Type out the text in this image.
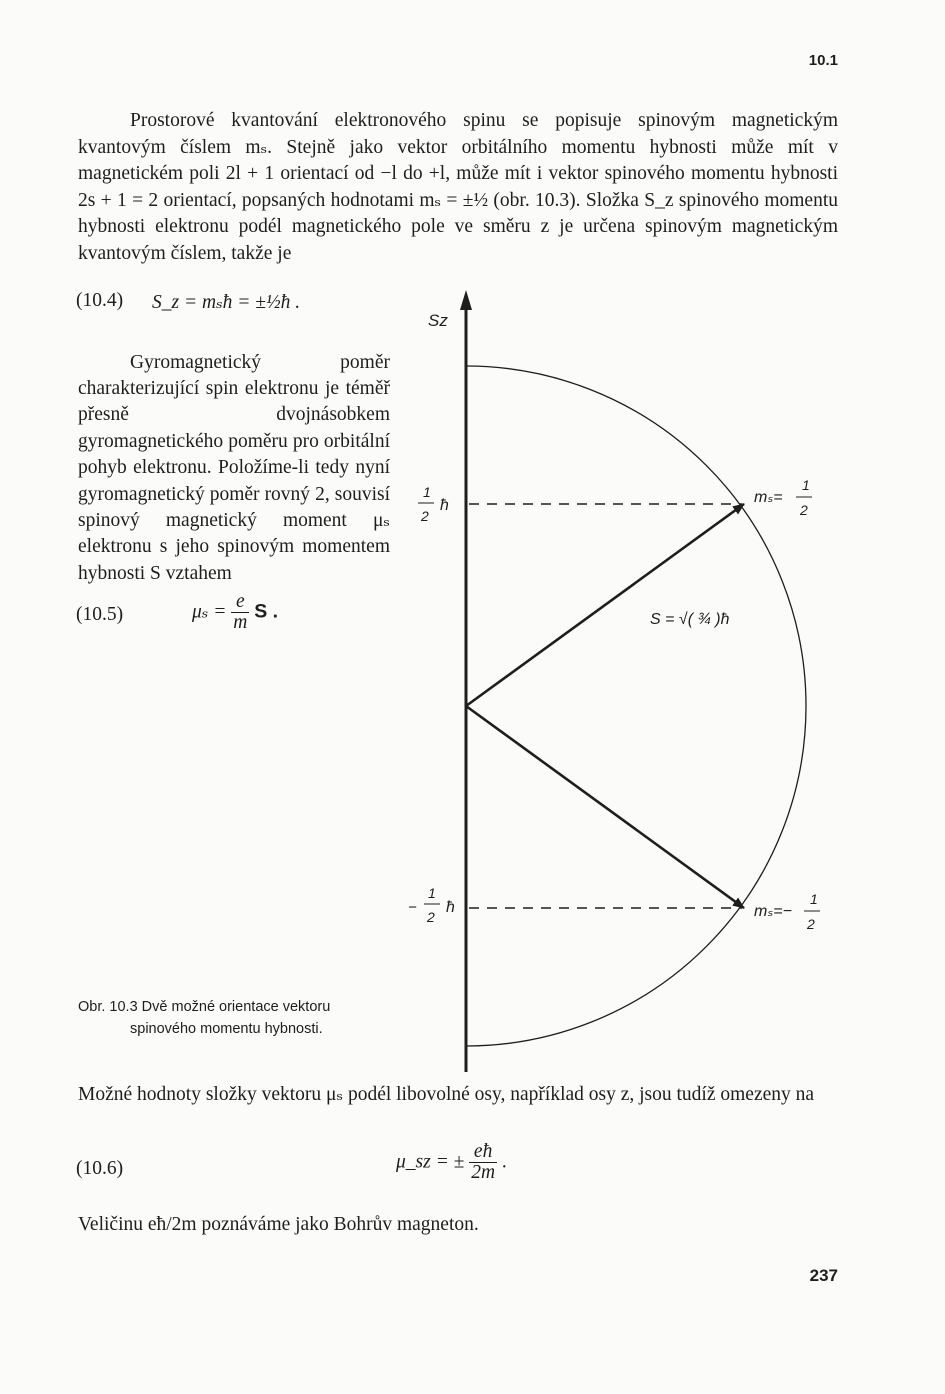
10.1

Prostorové kvantování elektronového spinu se popisuje spinovým magnetickým kvantovým číslem mₛ. Stejně jako vektor orbitálního momentu hybnosti může mít v magnetickém poli 2l + 1 orientací od −l do +l, může mít i vektor spinového momentu hybnosti 2s + 1 = 2 orientací, popsaných hodnotami mₛ = ±½ (obr. 10.3). Složka S_z spinového momentu hybnosti elektronu podél magnetického pole ve směru z je určena spinovým magnetickým kvantovým číslem, takže je

(10.4) S_z = mₛħ = ±½ħ .

Gyromagnetický poměr charakterizující spin elektronu je téměř přesně dvojnásobkem gyromagnetického poměru pro orbitální pohyb elektronu. Položíme-li tedy nyní gyromagnetický poměr rovný 2, souvisí spinový magnetický moment μₛ elektronu s jeho spinovým momentem hybnosti S vztahem

(10.5)	$\mu_s = \frac{e}{m}$ S .
Sz
1
2
ħ
−
1
2
ħ
mₛ=
1
2
mₛ=−
1
2
S = √( ¾ )ħ
Obr. 10.3 Dvě možné orientace vektoru
spinového momentu hybnosti.

Možné hodnoty složky vektoru μₛ podél libovolné osy, například osy z, jsou tudíž omezeny na

(10.6)	μ_sz = ± $\frac{eħ}{2m}$ .

Veličinu eħ/2m poznáváme jako Bohrův magneton.

237
